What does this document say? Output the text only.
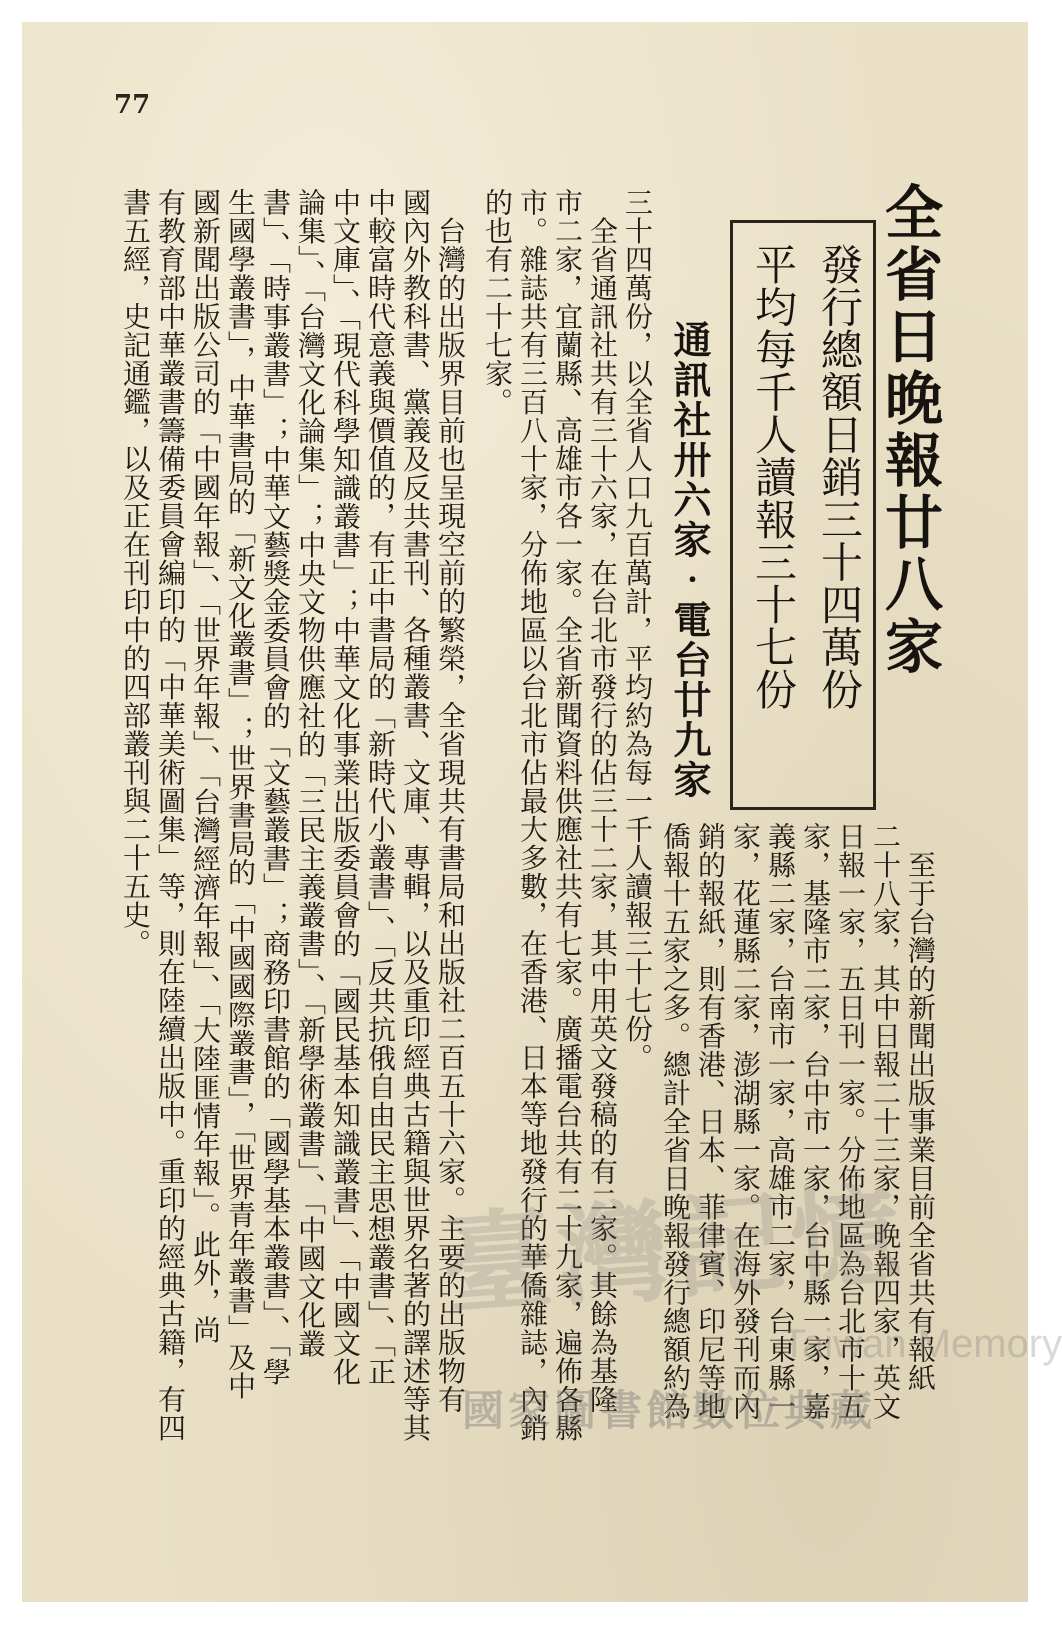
77
全省日晚報廿八家
　至于台灣的新聞出版事業目前全省共有報紙
二十八家，其中日報二十三家，晚報四家，英文
日報一家，五日刊一家。分佈地區為台北市十五
家，基隆市二家，台中市一家，台中縣一家，嘉
義縣二家，台南市一家，高雄市二家，台東縣一
家，花蓮縣二家，澎湖縣一家。在海外發刊而內
銷的報紙，則有香港、日本、菲律賓、印尼等地
僑報十五家之多。總計全省日晚報發行總額約為
發行總額日銷三十四萬份
平均每千人讀報三十七份
通訊社卅六家‧電台廿九家
三十四萬份，以全省人口九百萬計，平均約為每一千人讀報三十七份。
　全省通訊社共有三十六家，在台北市發行的佔三十二家，其中用英文發稿的有二家。其餘為基隆
市二家，宜蘭縣、高雄市各一家。全省新聞資料供應社共有七家。廣播電台共有二十九家，遍佈各縣
市。雜誌共有三百八十家，分佈地區以台北市佔最大多數，在香港、日本等地發行的華僑雜誌，內銷
的也有二十七家。
　台灣的出版界目前也呈現空前的繁榮，全省現共有書局和出版社二百五十六家。主要的出版物有
國內外教科書、黨義及反共書刊、各種叢書、文庫、專輯，以及重印經典古籍與世界名著的譯述等其
中較富時代意義與價值的，有正中書局的「新時代小叢書」、「反共抗俄自由民主思想叢書」、「正
中文庫」、「現代科學知識叢書」；中華文化事業出版委員會的「國民基本知識叢書」、「中國文化
論集」、「台灣文化論集」；中央文物供應社的「三民主義叢書」、「新學術叢書」、「中國文化叢
書」、「時事叢書」；中華文藝獎金委員會的「文藝叢書」；商務印書館的「國學基本叢書」、「學
生國學叢書」，中華書局的「新文化叢書」；世界書局的「中國國際叢書」，「世界青年叢書」及中
國新聞出版公司的「中國年報」、「世界年報」、「台灣經濟年報」、「大陸匪情年報」。此外，尚
有教育部中華叢書籌備委員會編印的「中華美術圖集」等，則在陸續出版中。重印的經典古籍，有四
書五經，史記通鑑，以及正在刊印中的四部叢刊與二十五史。
臺灣記憶
Taiwan Memory
國家圖書館數位典藏
